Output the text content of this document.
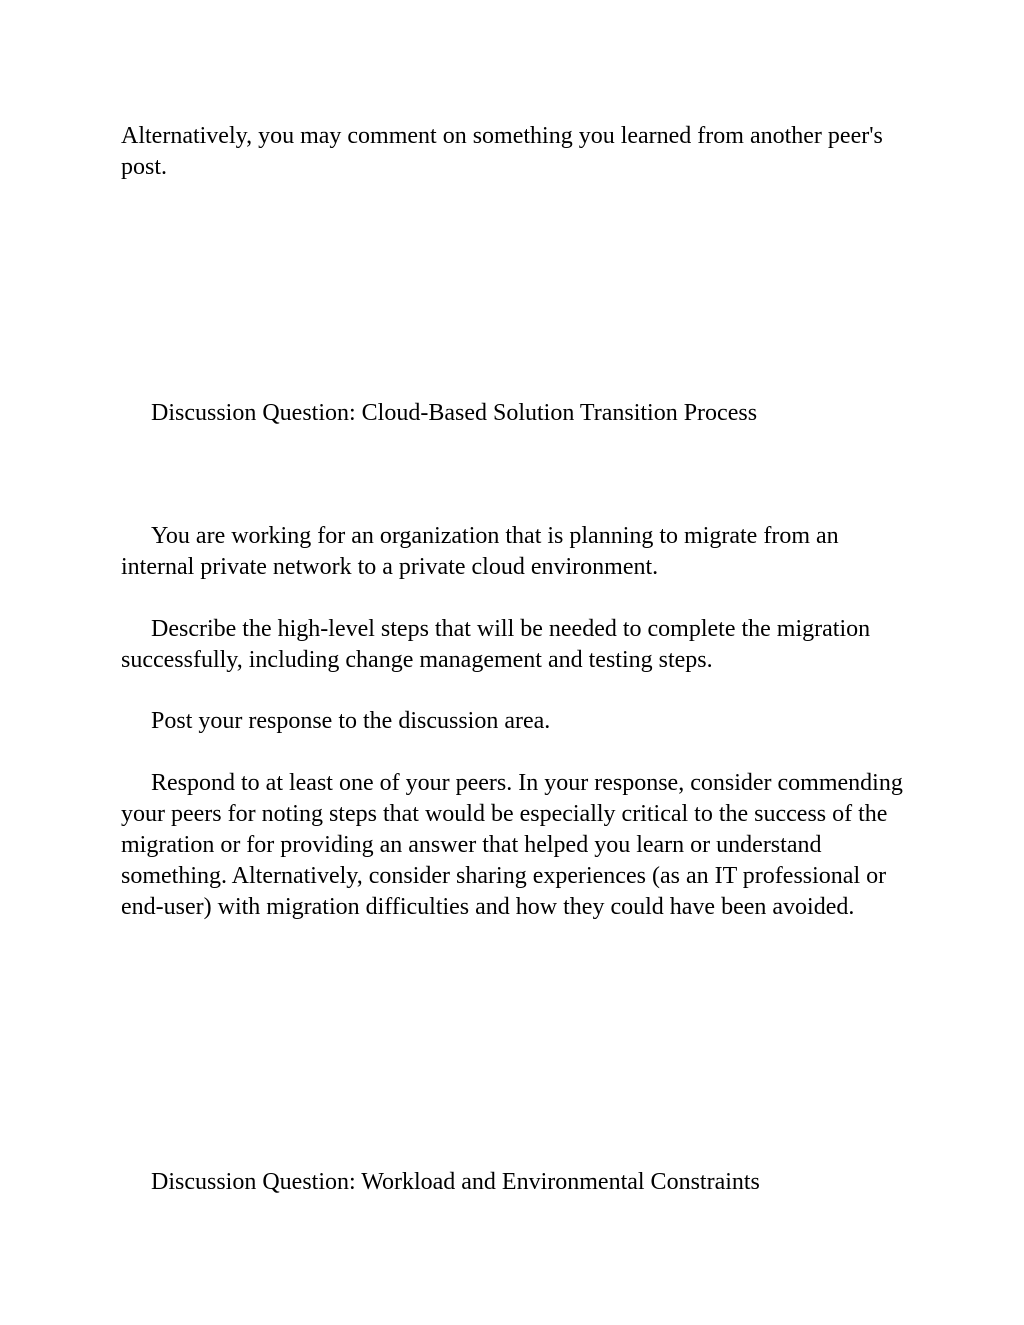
Alternatively, you may comment on something you learned from another peer's post.

Discussion Question: Cloud-Based Solution Transition Process

You are working for an organization that is planning to migrate from an internal private network to a private cloud environment.

Describe the high-level steps that will be needed to complete the migration successfully, including change management and testing steps.

Post your response to the discussion area.

Respond to at least one of your peers. In your response, consider commending your peers for noting steps that would be especially critical to the success of the migration or for providing an answer that helped you learn or understand something. Alternatively, consider sharing experiences (as an IT professional or end-user) with migration difficulties and how they could have been avoided.

Discussion Question: Workload and Environmental Constraints
